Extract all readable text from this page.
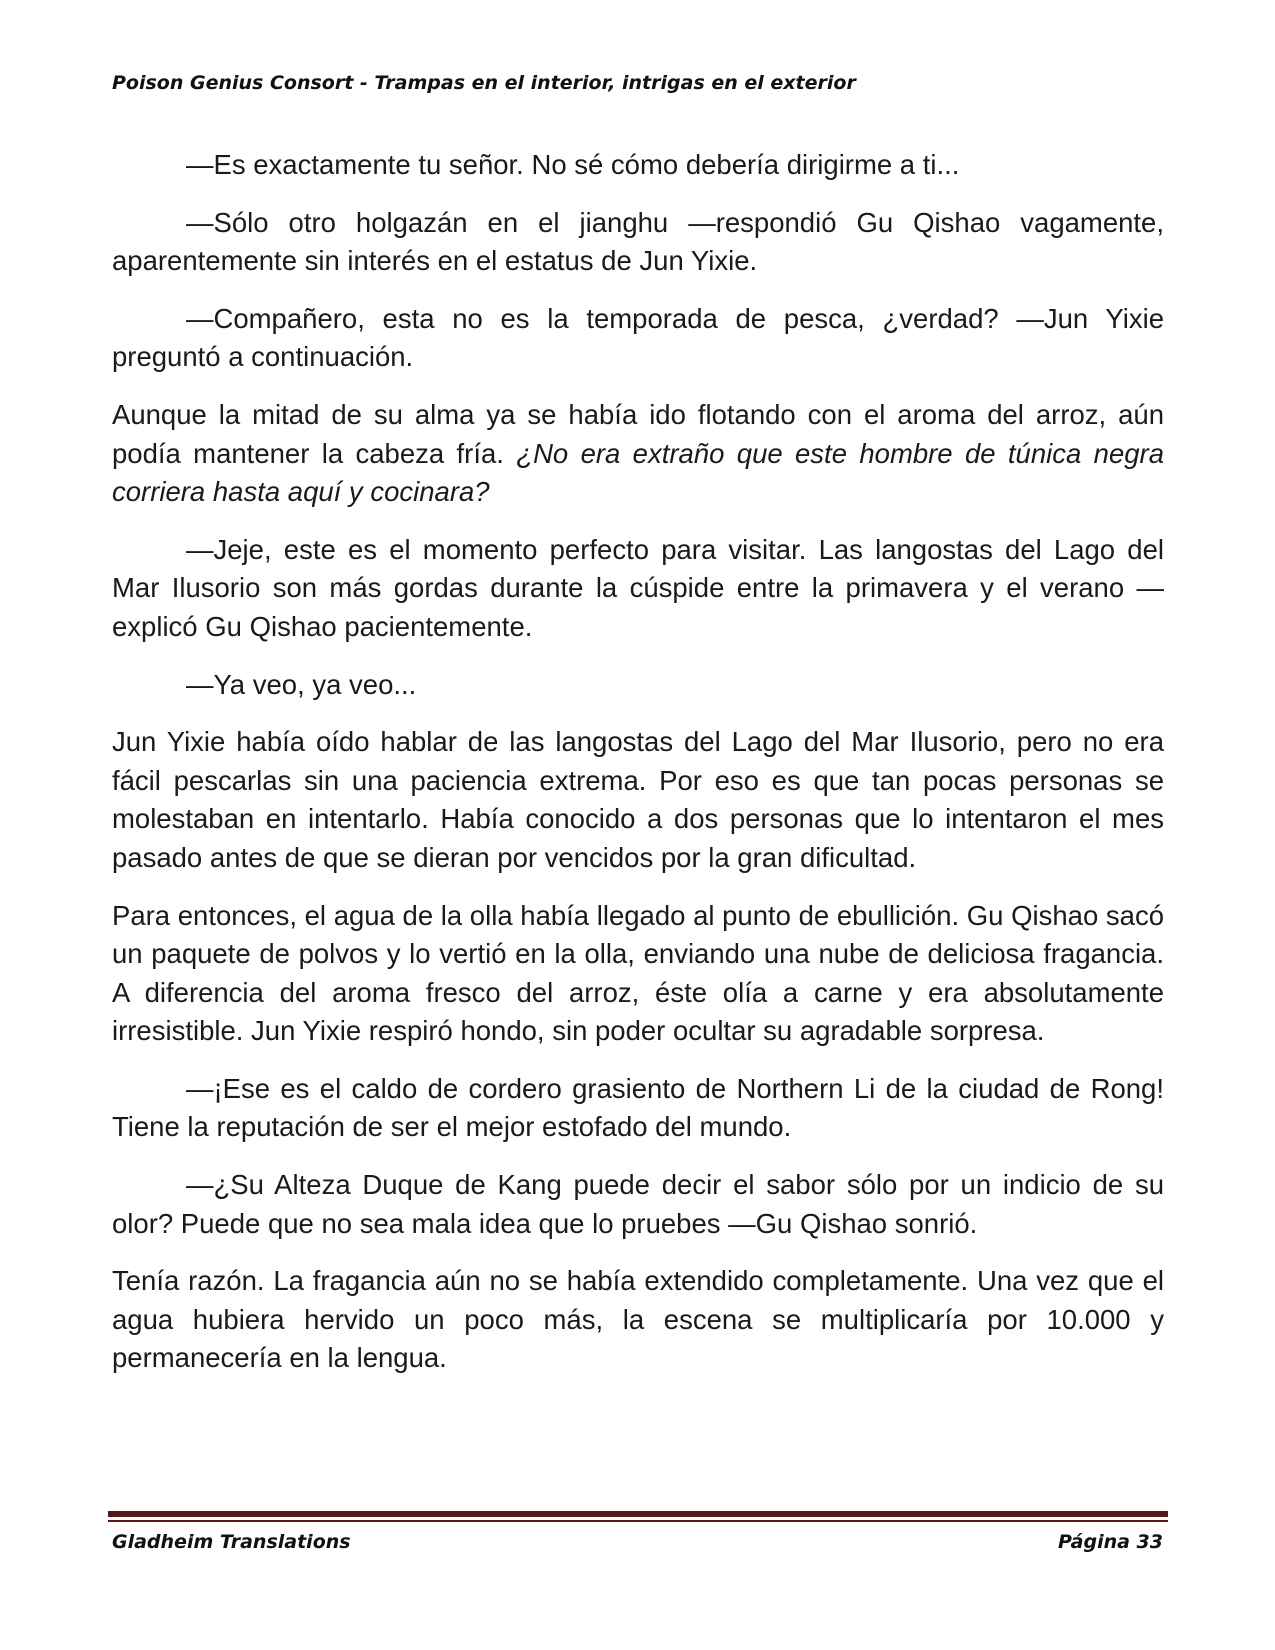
Poison Genius Consort - Trampas en el interior, intrigas en el exterior

—Es exactamente tu señor. No sé cómo debería dirigirme a ti...

—Sólo otro holgazán en el jianghu —respondió Gu Qishao vagamente, aparentemente sin interés en el estatus de Jun Yixie.

—Compañero, esta no es la temporada de pesca, ¿verdad? —Jun Yixie preguntó a continuación.

Aunque la mitad de su alma ya se había ido flotando con el aroma del arroz, aún podía mantener la cabeza fría. ¿No era extraño que este hombre de túnica negra corriera hasta aquí y cocinara?

—Jeje, este es el momento perfecto para visitar. Las langostas del Lago del Mar Ilusorio son más gordas durante la cúspide entre la primavera y el verano —explicó Gu Qishao pacientemente.

—Ya veo, ya veo...

Jun Yixie había oído hablar de las langostas del Lago del Mar Ilusorio, pero no era fácil pescarlas sin una paciencia extrema. Por eso es que tan pocas personas se molestaban en intentarlo. Había conocido a dos personas que lo intentaron el mes pasado antes de que se dieran por vencidos por la gran dificultad.

Para entonces, el agua de la olla había llegado al punto de ebullición. Gu Qishao sacó un paquete de polvos y lo vertió en la olla, enviando una nube de deliciosa fragancia. A diferencia del aroma fresco del arroz, éste olía a carne y era absolutamente irresistible. Jun Yixie respiró hondo, sin poder ocultar su agradable sorpresa.

—¡Ese es el caldo de cordero grasiento de Northern Li de la ciudad de Rong! Tiene la reputación de ser el mejor estofado del mundo.

—¿Su Alteza Duque de Kang puede decir el sabor sólo por un indicio de su olor? Puede que no sea mala idea que lo pruebes —Gu Qishao sonrió.

Tenía razón. La fragancia aún no se había extendido completamente. Una vez que el agua hubiera hervido un poco más, la escena se multiplicaría por 10.000 y permanecería en la lengua.

Gladheim Translations	Página 33
